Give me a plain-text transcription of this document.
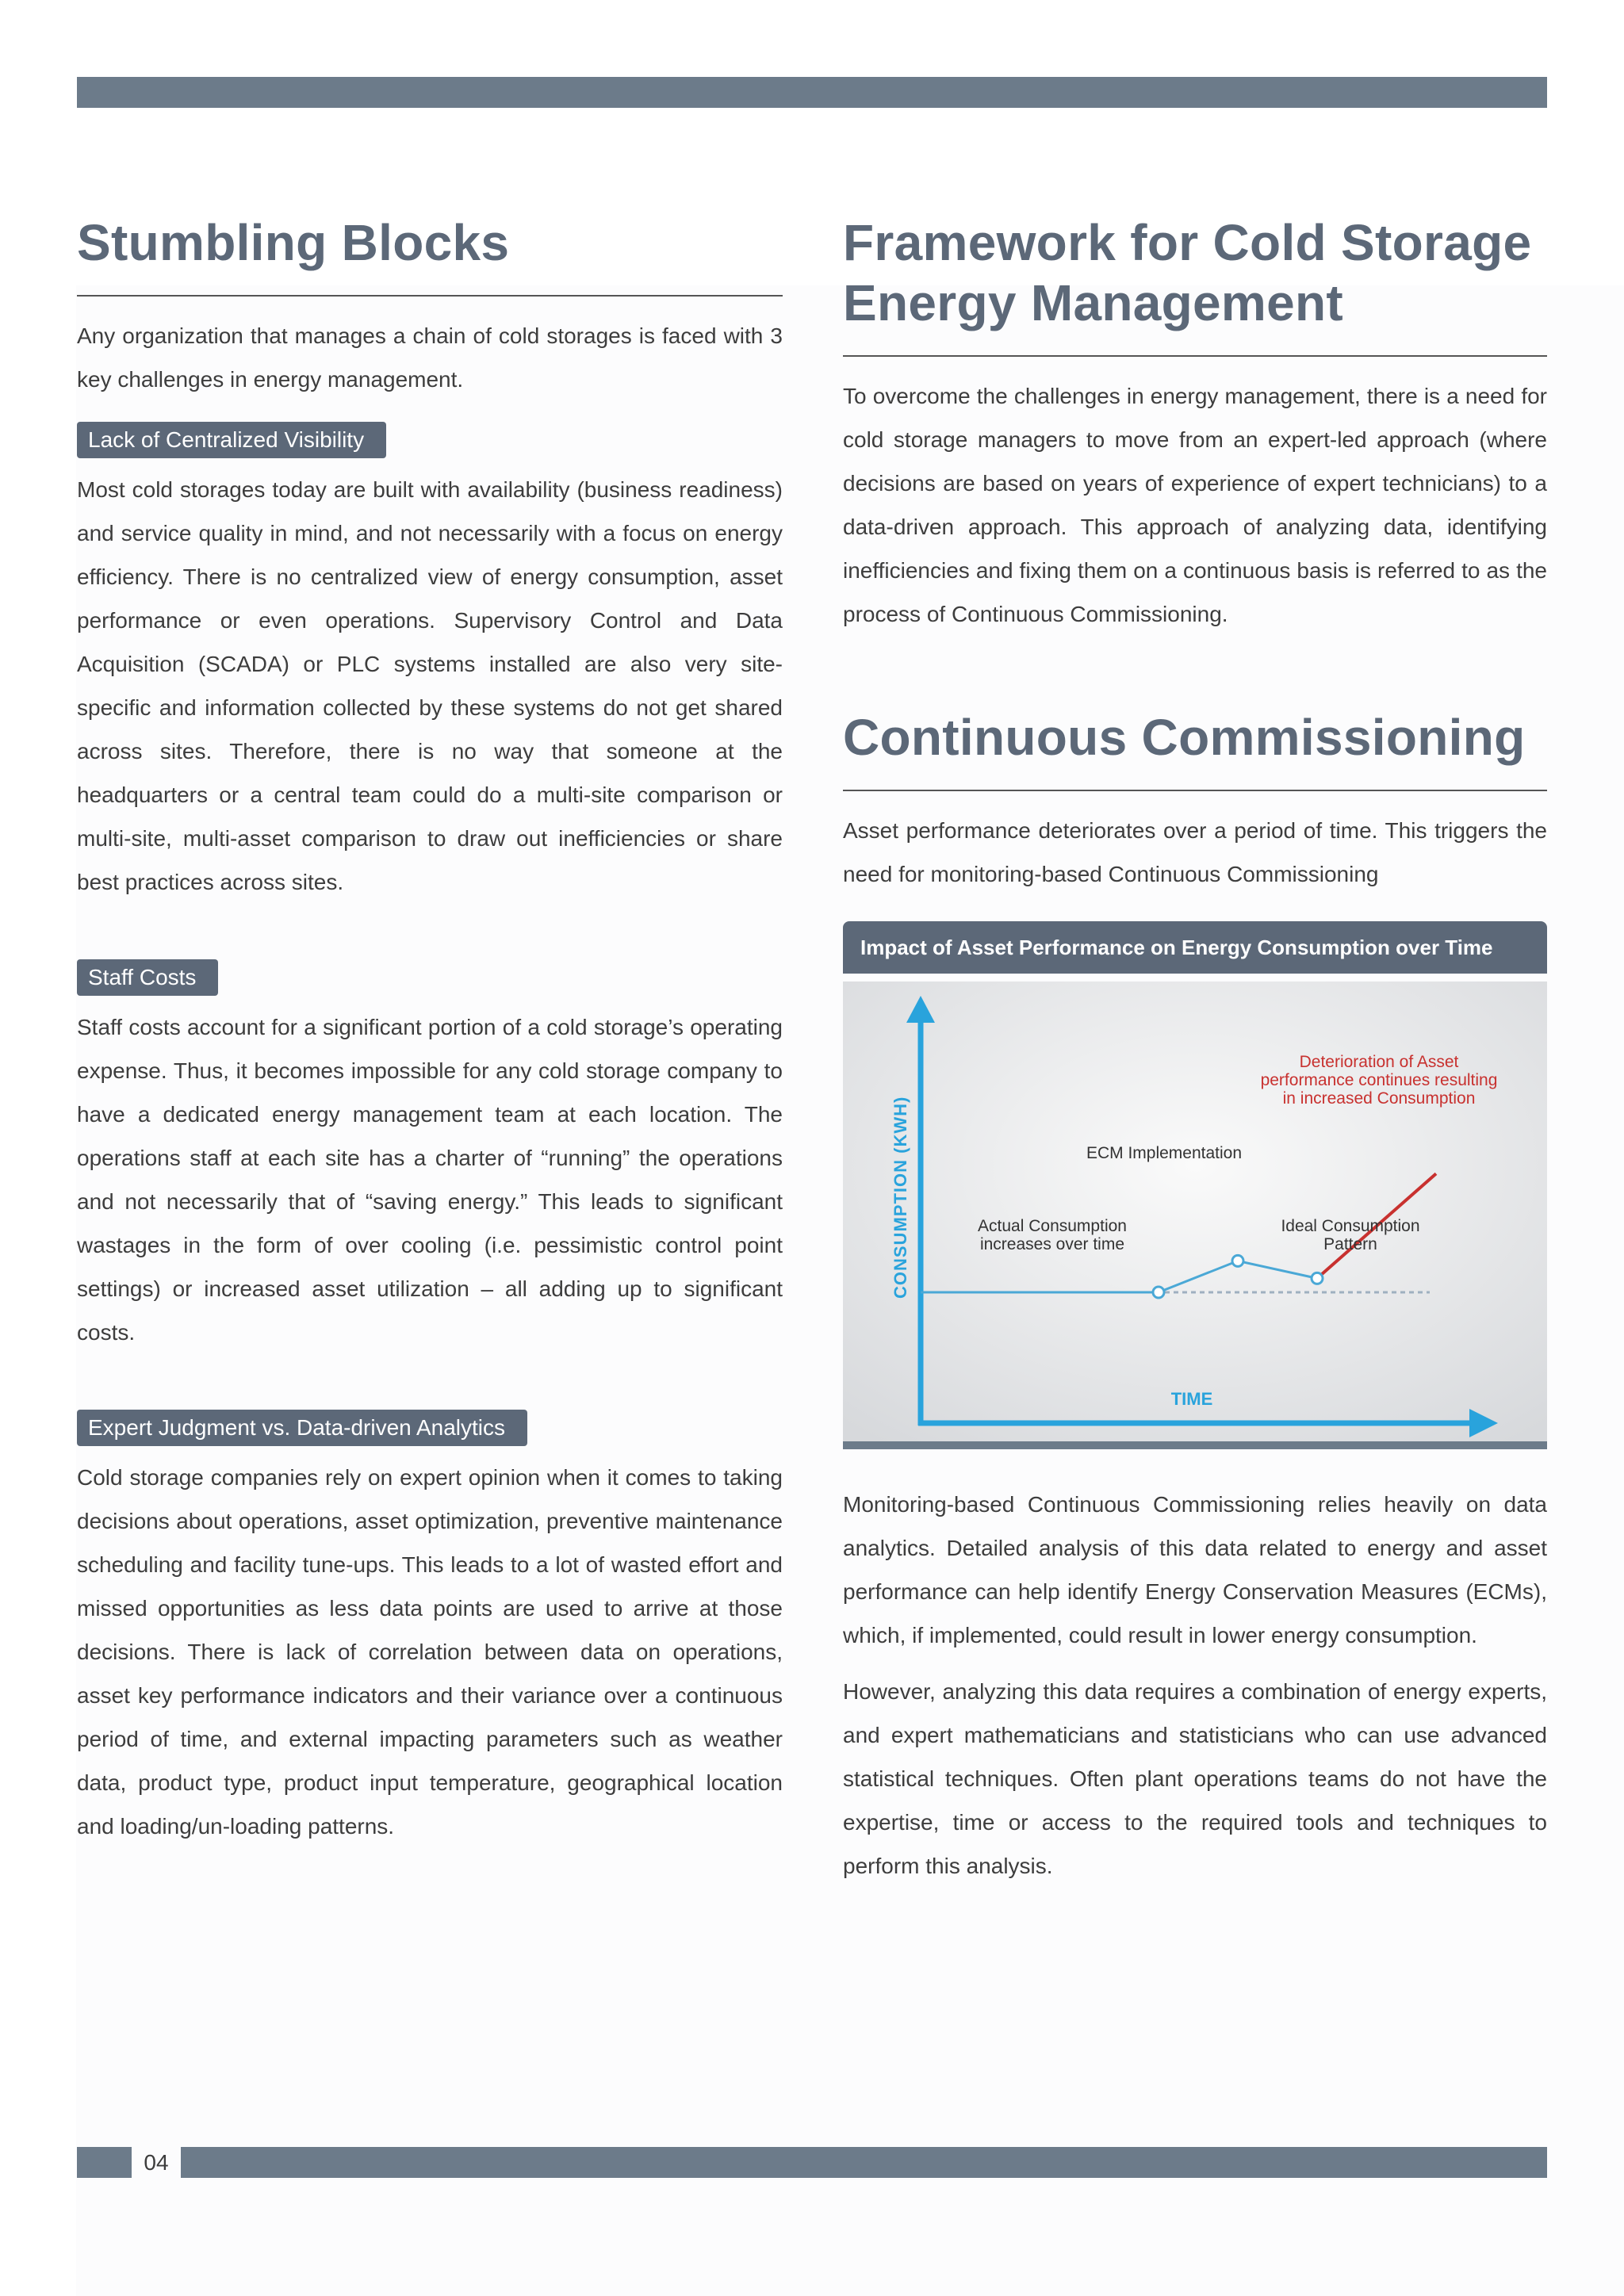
Stumbling Blocks

Any organization that manages a chain of cold storages is faced with 3 key challenges in energy management.

Lack of Centralized Visibility

Most cold storages today are built with availability (business readiness) and service quality in mind, and not necessarily with a focus on energy efficiency. There is no centralized view of energy consumption, asset performance or even operations. Supervisory Control and Data Acquisition (SCADA) or PLC systems installed are also very site-specific and information collected by these systems do not get shared across sites. Therefore, there is no way that someone at the headquarters or a central team could do a multi-site comparison or multi-site, multi-asset comparison to draw out inefficiencies or share best practices across sites.

Staff Costs

Staff costs account for a significant portion of a cold storage’s operating expense. Thus, it becomes impossible for any cold storage company to have a dedicated energy management team at each location. The operations staff at each site has a charter of “running” the operations and not necessarily that of “saving energy.” This leads to significant wastages in the form of over cooling (i.e. pessimistic control point settings) or increased asset utilization – all adding up to significant costs.

Expert Judgment vs. Data-driven Analytics

Cold storage companies rely on expert opinion when it comes to taking decisions about operations, asset optimization, preventive maintenance scheduling and facility tune-ups. This leads to a lot of wasted effort and missed opportunities as less data points are used to arrive at those decisions. There is lack of correlation between data on operations, asset key performance indicators and their variance over a continuous period of time, and external impacting parameters such as weather data, product type, product input temperature, geographical location and loading/un-loading patterns.

Framework for Cold Storage Energy Management

To overcome the challenges in energy management, there is a need for cold storage managers to move from an expert-led approach (where decisions are based on years of experience of expert technicians) to a data-driven approach. This approach of analyzing data, identifying inefficiencies and fixing them on a continuous basis is referred to as the process of Continuous Commissioning.

Continuous Commissioning

Asset performance deteriorates over a period of time. This triggers the need for monitoring-based Continuous Commissioning

Impact of Asset Performance on Energy Consumption over Time
CONSUMPTION (KWH)
TIME
ECM Implementation
Actual Consumption
increases over time
Ideal Consumption
Pattern
Deterioration of Asset
performance continues resulting
in increased Consumption

Monitoring-based Continuous Commissioning relies heavily on data analytics. Detailed analysis of this data related to energy and asset performance can help identify Energy Conservation Measures (ECMs), which, if implemented, could result in lower energy consumption.

However, analyzing this data requires a combination of energy experts, and expert mathematicians and statisticians who can use advanced statistical techniques. Often plant operations teams do not have the expertise, time or access to the required tools and techniques to perform this analysis.

04
